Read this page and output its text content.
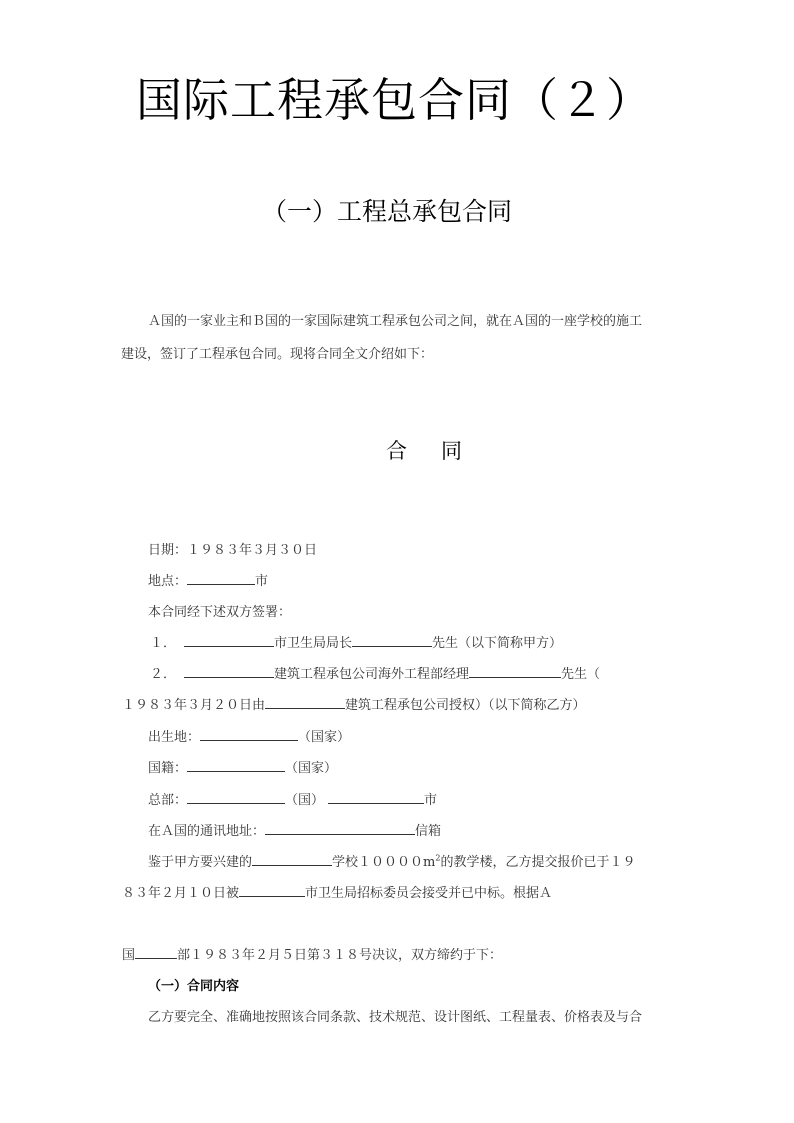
国际工程承包合同（２）
（一）工程总承包合同
Ａ国的一家业主和Ｂ国的一家国际建筑工程承包公司之间，就在Ａ国的一座学校的施工
建设，签订了工程承包合同。现将合同全文介绍如下：
合 同
日期：１９８３年３月３０日
地点：	市
本合同经下述双方签署：
１．	市卫生局局长	先生（以下简称甲方）
２．	建筑工程承包公司海外工程部经理	先生（
１９８３年３月２０日由	建筑工程承包公司授权）（以下简称乙方）
出生地：	（国家）
国籍：	（国家）
总部：	（国）	市
在Ａ国的通讯地址：	信箱
鉴于甲方要兴建的	学校$10000m^2$的教学楼，乙方提交报价已于１９
８３年２月１０日被	市卫生局招标委员会接受并已中标。根据Ａ
国	部１９８３年２月５日第３１８号决议，双方缔约于下：
（一）合同内容
乙方要完全、准确地按照该合同条款、技术规范、设计图纸、工程量表、价格表及与合
